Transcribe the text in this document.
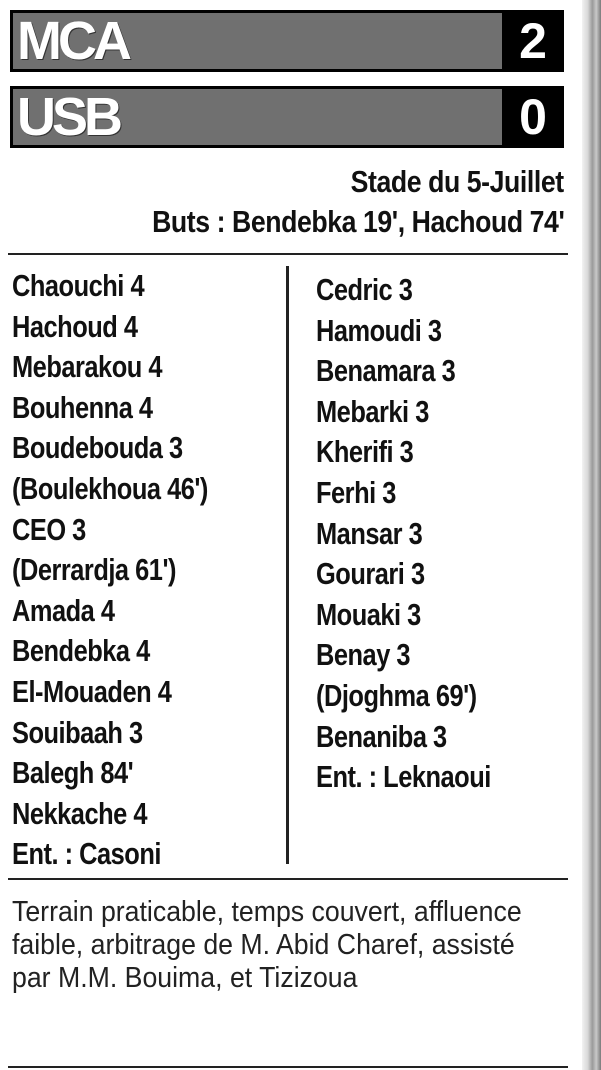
MCA	2
USB	0
Stade du 5-Juillet
Buts : Bendebka 19', Hachoud 74'
Chaouchi 4
Hachoud 4
Mebarakou 4
Bouhenna 4
Boudebouda 3
(Boulekhoua 46')
CEO 3
(Derrardja 61')
Amada 4
Bendebka 4
El-Mouaden 4
Souibaah 3
Balegh 84'
Nekkache 4
Ent. : Casoni
Cedric 3
Hamoudi 3
Benamara 3
Mebarki 3
Kherifi 3
Ferhi 3
Mansar 3
Gourari 3
Mouaki 3
Benay 3
(Djoghma 69')
Benaniba 3
Ent. : Leknaoui
Terrain praticable, temps couvert, affluence faible, arbitrage de M. Abid Charef, assisté par M.M. Bouima, et Tizizoua
